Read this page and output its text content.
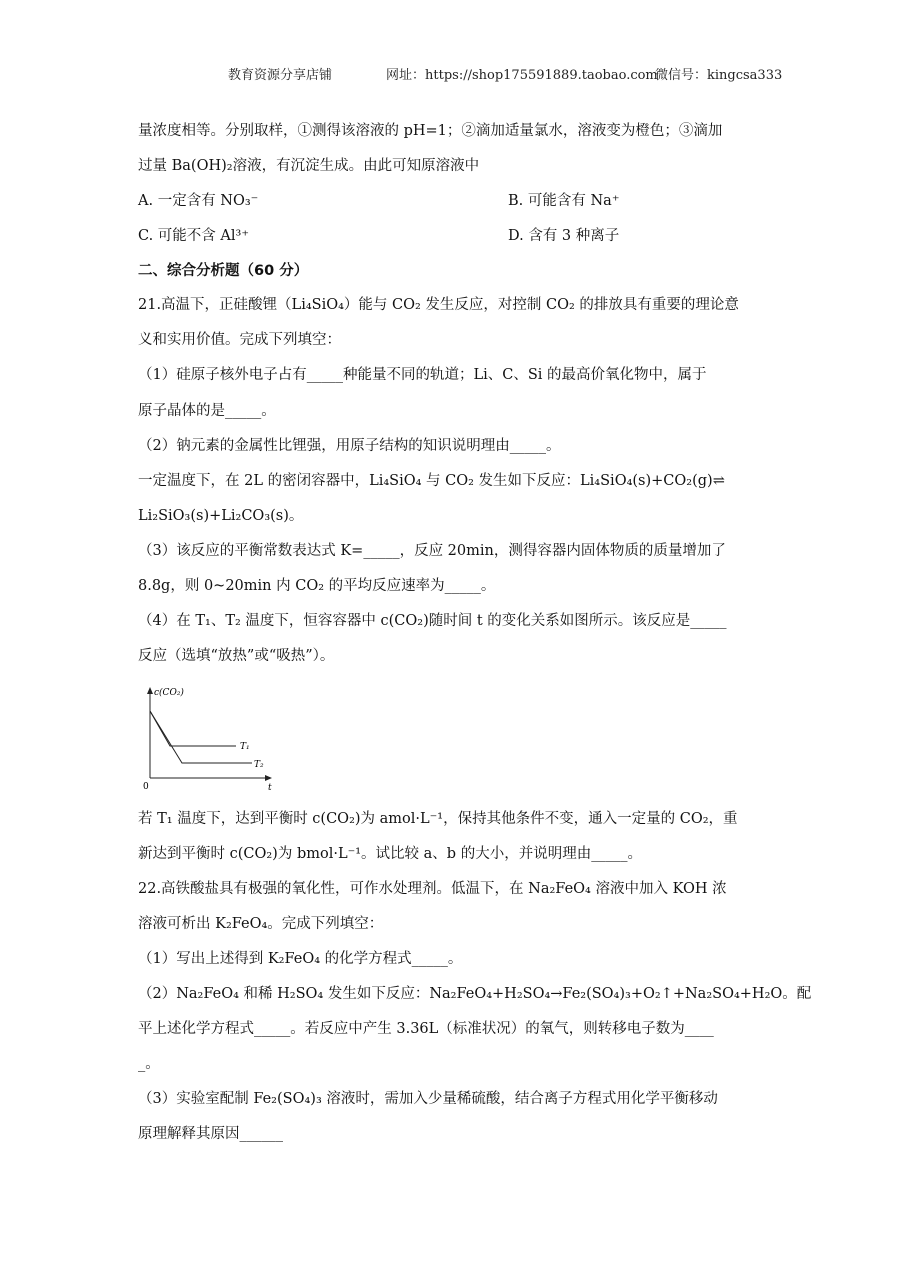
教育资源分享店铺	网址：https://shop175591889.taobao.com
微信号：kingcsa333
量浓度相等。分别取样，①测得该溶液的 pH=1；②滴加适量氯水，溶液变为橙色；③滴加
过量 Ba(OH)₂溶液，有沉淀生成。由此可知原溶液中
A. 一定含有 NO₃⁻	B. 可能含有 Na⁺
C. 可能不含 Al³⁺	D. 含有 3 种离子
二、综合分析题（60 分）
21.高温下，正硅酸锂（Li₄SiO₄）能与 CO₂ 发生反应，对控制 CO₂ 的排放具有重要的理论意
义和实用价值。完成下列填空：
（1）硅原子核外电子占有_____种能量不同的轨道；Li、C、Si 的最高价氧化物中，属于
原子晶体的是_____。
（2）钠元素的金属性比锂强，用原子结构的知识说明理由_____。
一定温度下，在 2L 的密闭容器中，Li₄SiO₄ 与 CO₂ 发生如下反应：Li₄SiO₄(s)+CO₂(g)⇌
Li₂SiO₃(s)+Li₂CO₃(s)。
（3）该反应的平衡常数表达式 K=_____，反应 20min，测得容器内固体物质的质量增加了
8.8g，则 0~20min 内 CO₂ 的平均反应速率为_____。
（4）在 T₁、T₂ 温度下，恒容容器中 c(CO₂)随时间 t 的变化关系如图所示。该反应是_____
反应（选填“放热”或“吸热”）。
c(CO₂)
t
0
T₁
T₂
若 T₁ 温度下，达到平衡时 c(CO₂)为 amol·L⁻¹，保持其他条件不变，通入一定量的 CO₂，重
新达到平衡时 c(CO₂)为 bmol·L⁻¹。试比较 a、b 的大小，并说明理由_____。
22.高铁酸盐具有极强的氧化性，可作水处理剂。低温下，在 Na₂FeO₄ 溶液中加入 KOH 浓
溶液可析出 K₂FeO₄。完成下列填空：
（1）写出上述得到 K₂FeO₄ 的化学方程式_____。
（2）Na₂FeO₄ 和稀 H₂SO₄ 发生如下反应：Na₂FeO₄+H₂SO₄→Fe₂(SO₄)₃+O₂↑+Na₂SO₄+H₂O。配
平上述化学方程式_____。若反应中产生 3.36L（标准状况）的氧气，则转移电子数为____
_。
（3）实验室配制 Fe₂(SO₄)₃ 溶液时，需加入少量稀硫酸，结合离子方程式用化学平衡移动
原理解释其原因______
